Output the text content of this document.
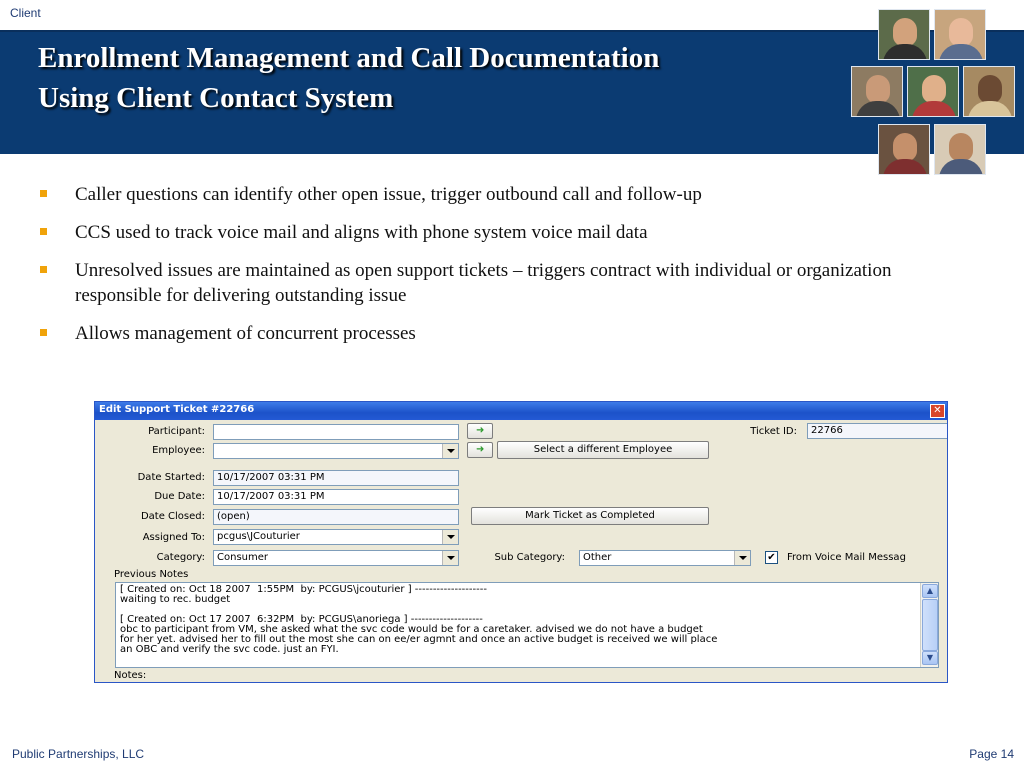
Client
Enrollment Management and Call Documentation
Using Client Contact System
Caller questions can identify other open issue, trigger outbound call and follow-up
CCS used to track voice mail and aligns with phone system voice mail data
Unresolved issues are maintained as open support tickets – triggers contract with individual or organization responsible for delivering outstanding issue
Allows management of concurrent processes
Edit Support Ticket #22766	✕
Participant:	➜
Employee:	➜	Select a different Employee
Ticket ID:	22766
Date Started:	10/17/2007 03:31 PM
Due Date:	10/17/2007 03:31 PM
Date Closed:	(open)	Mark Ticket as Completed
Assigned To:	pcgus\JCouturier
Category:	Consumer	Sub Category:	Other	✔ From Voice Mail Messag
Previous Notes
[ Created on: Oct 18 2007  1:55PM  by: PCGUS\jcouturier ] --------------------
waiting to rec. budget

[ Created on: Oct 17 2007  6:32PM  by: PCGUS\anoriega ] --------------------
obc to participant from VM, she asked what the svc code would be for a caretaker. advised we do not have a budget
for her yet. advised her to fill out the most she can on ee/er agmnt and once an active budget is received we will place
an OBC and verify the svc code. just an FYI.
▲
▼
Notes:
Public Partnerships, LLC	Page 14
